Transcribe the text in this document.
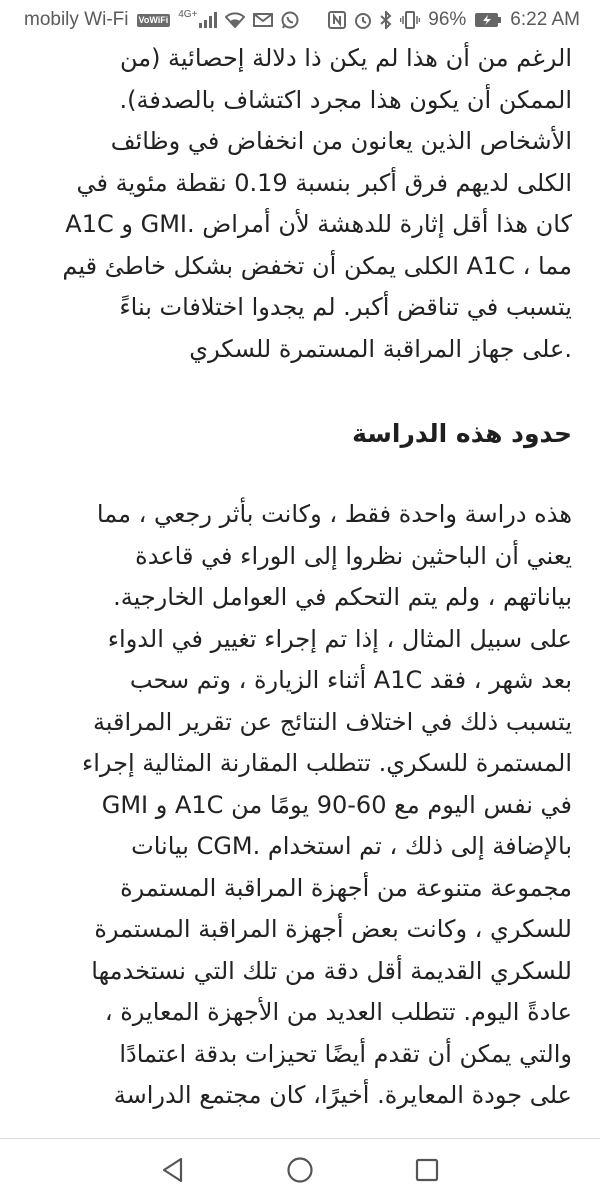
mobily Wi-Fi VoWiFi 4G+	96% 6:22 AM

الرغم من أن هذا لم يكن ذا دلالة إحصائية (من
الممكن أن يكون هذا مجرد اكتشاف بالصدفة).
الأشخاص الذين يعانون من انخفاض في وظائف
الكلى لديهم فرق أكبر بنسبة 0.19 نقطة مئوية في
كان هذا أقل إثارة للدهشة لأن أمراض .GMI و A1C
مما ، A1C الكلى يمكن أن تخفض بشكل خاطئ قيم
يتسبب في تناقض أكبر. لم يجدوا اختلافات بناءً
.على جهاز المراقبة المستمرة للسكري

حدود هذه الدراسة

هذه دراسة واحدة فقط ، وكانت بأثر رجعي ، مما
يعني أن الباحثين نظروا إلى الوراء في قاعدة
بياناتهم ، ولم يتم التحكم في العوامل الخارجية.
على سبيل المثال ، إذا تم إجراء تغيير في الدواء
بعد شهر ، فقد A1C أثناء الزيارة ، وتم سحب
يتسبب ذلك في اختلاف النتائج عن تقرير المراقبة
المستمرة للسكري. تتطلب المقارنة المثالية إجراء
في نفس اليوم مع 60-90 يومًا من A1C و GMI
بالإضافة إلى ذلك ، تم استخدام .CGM بيانات
مجموعة متنوعة من أجهزة المراقبة المستمرة
للسكري ، وكانت بعض أجهزة المراقبة المستمرة
للسكري القديمة أقل دقة من تلك التي نستخدمها
عادةً اليوم. تتطلب العديد من الأجهزة المعايرة ،
والتي يمكن أن تقدم أيضًا تحيزات بدقة اعتمادًا
على جودة المعايرة. أخيرًا، كان مجتمع الدراسة
